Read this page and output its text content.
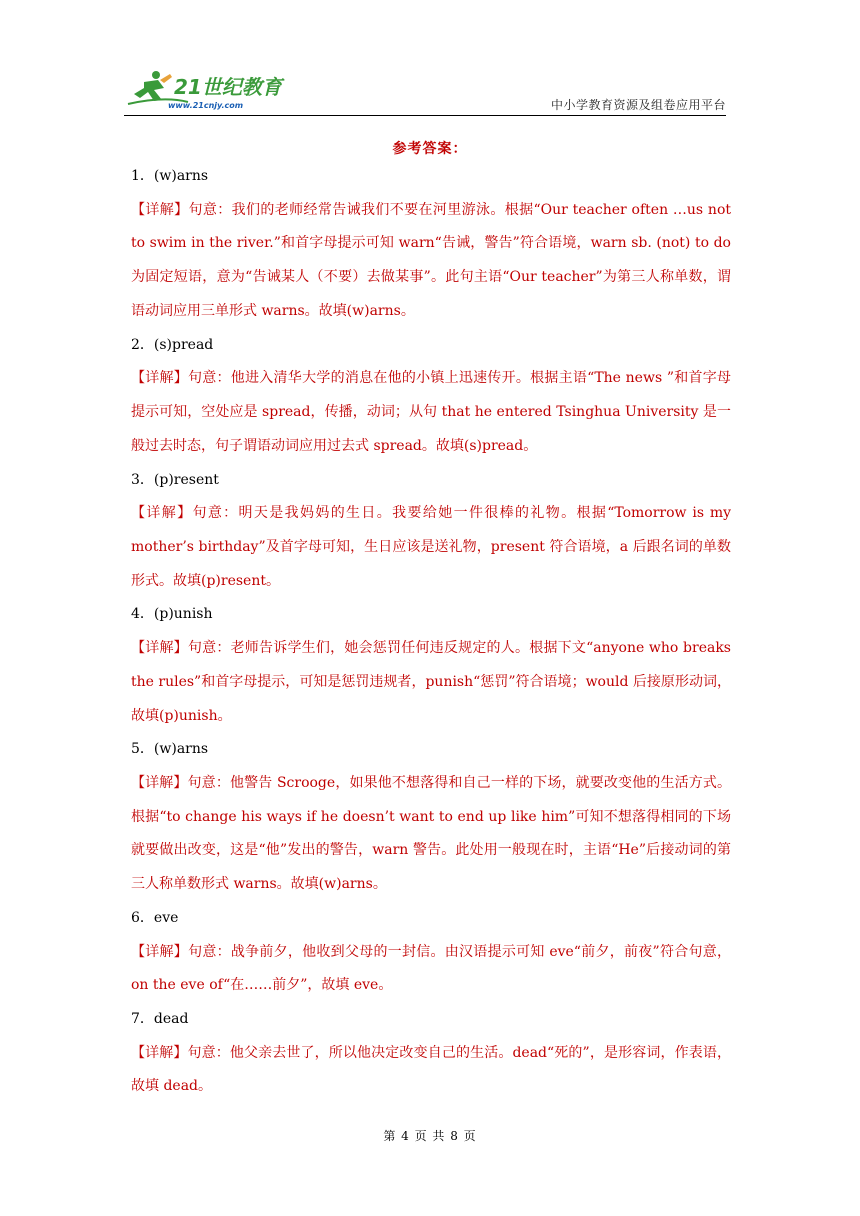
21世纪教育
www.21cnjy.com	中小学教育资源及组卷应用平台
参考答案：
1．(w)arns

【详解】句意：我们的老师经常告诫我们不要在河里游泳。根据“Our teacher often …us not to swim in the river.”和首字母提示可知 warn“告诫，警告”符合语境，warn sb. (not) to do 为固定短语，意为“告诫某人（不要）去做某事”。此句主语“Our teacher”为第三人称单数，谓语动词应用三单形式 warns。故填(w)arns。

2．(s)pread

【详解】句意：他进入清华大学的消息在他的小镇上迅速传开。根据主语“The news ”和首字母提示可知，空处应是 spread，传播，动词；从句 that he entered Tsinghua University 是一般过去时态，句子谓语动词应用过去式 spread。故填(s)pread。

3．(p)resent

【详解】句意：明天是我妈妈的生日。我要给她一件很棒的礼物。根据“Tomorrow is my mother’s birthday”及首字母可知，生日应该是送礼物，present 符合语境，a 后跟名词的单数形式。故填(p)resent。

4．(p)unish

【详解】句意：老师告诉学生们，她会惩罚任何违反规定的人。根据下文“anyone who breaks the rules”和首字母提示，可知是惩罚违规者，punish“惩罚”符合语境；would 后接原形动词，故填(p)unish。

5．(w)arns

【详解】句意：他警告 Scrooge，如果他不想落得和自己一样的下场，就要改变他的生活方式。根据“to change his ways if he doesn’t want to end up like him”可知不想落得相同的下场就要做出改变，这是“他”发出的警告，warn 警告。此处用一般现在时，主语“He”后接动词的第三人称单数形式 warns。故填(w)arns。

6．eve

【详解】句意：战争前夕，他收到父母的一封信。由汉语提示可知 eve“前夕，前夜”符合句意，on the eve of“在……前夕”，故填 eve。

7．dead

【详解】句意：他父亲去世了，所以他决定改变自己的生活。dead“死的”，是形容词，作表语，故填 dead。

第 4 页 共 8 页
